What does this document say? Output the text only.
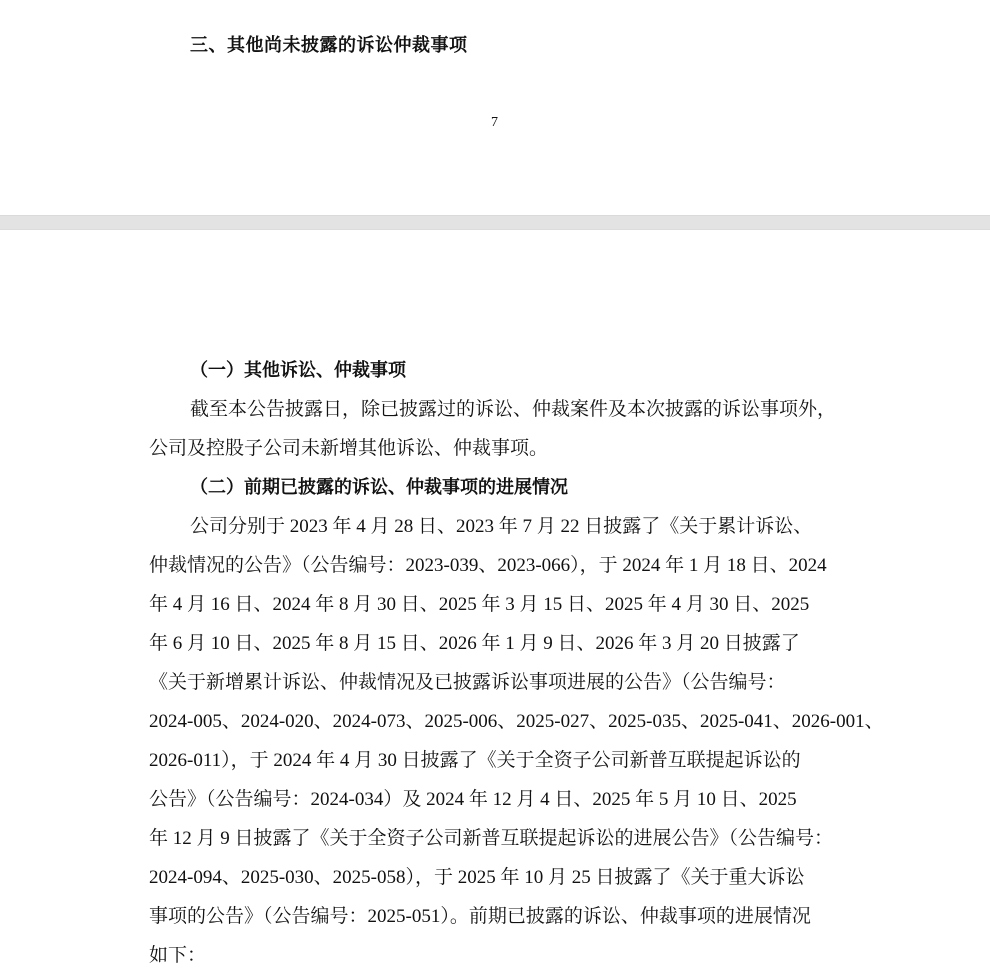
三、其他尚未披露的诉讼仲裁事项
7
（一）其他诉讼、仲裁事项
截至本公告披露日，除已披露过的诉讼、仲裁案件及本次披露的诉讼事项外，
公司及控股子公司未新增其他诉讼、仲裁事项。
（二）前期已披露的诉讼、仲裁事项的进展情况
公司分别于 2023 年 4 月 28 日、2023 年 7 月 22 日披露了《关于累计诉讼、
仲裁情况的公告》（公告编号：2023-039、2023-066），于 2024 年 1 月 18 日、2024
年 4 月 16 日、2024 年 8 月 30 日、2025 年 3 月 15 日、2025 年 4 月 30 日、2025
年 6 月 10 日、2025 年 8 月 15 日、2026 年 1 月 9 日、2026 年 3 月 20 日披露了
《关于新增累计诉讼、仲裁情况及已披露诉讼事项进展的公告》（公告编号：
2024-005、2024-020、2024-073、2025-006、2025-027、2025-035、2025-041、2026-001、
2026-011），于 2024 年 4 月 30 日披露了《关于全资子公司新普互联提起诉讼的
公告》（公告编号：2024-034）及 2024 年 12 月 4 日、2025 年 5 月 10 日、2025
年 12 月 9 日披露了《关于全资子公司新普互联提起诉讼的进展公告》（公告编号：
2024-094、2025-030、2025-058），于 2025 年 10 月 25 日披露了《关于重大诉讼
事项的公告》（公告编号：2025-051）。前期已披露的诉讼、仲裁事项的进展情况
如下：
